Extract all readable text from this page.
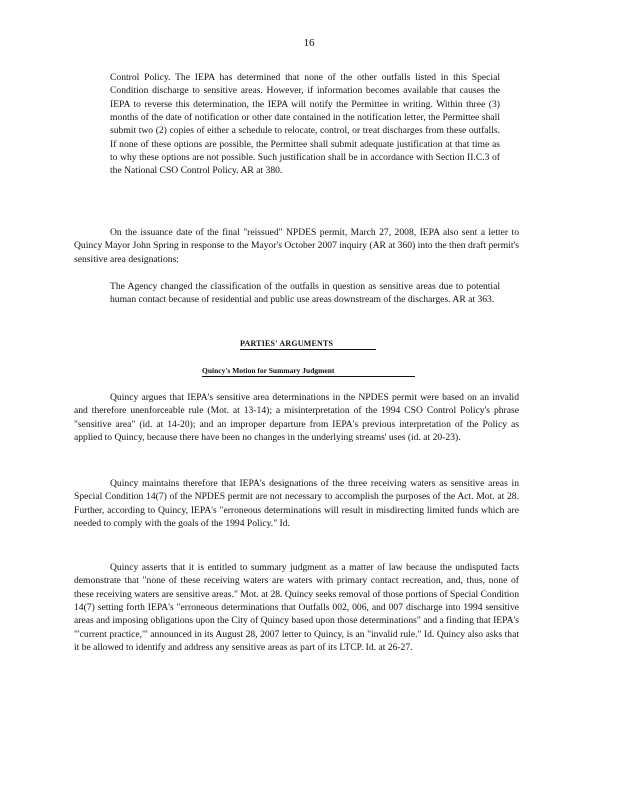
16

Control Policy. The IEPA has determined that none of the other outfalls listed in this Special Condition discharge to sensitive areas. However, if information becomes available that causes the IEPA to reverse this determination, the IEPA will notify the Permittee in writing. Within three (3) months of the date of notification or other date contained in the notification letter, the Permittee shall submit two (2) copies of either a schedule to relocate, control, or treat discharges from these outfalls. If none of these options are possible, the Permittee shall submit adequate justification at that time as to why these options are not possible. Such justification shall be in accordance with Section II.C.3 of the National CSO Control Policy. AR at 380.

On the issuance date of the final "reissued" NPDES permit, March 27, 2008, IEPA also sent a letter to Quincy Mayor John Spring in response to the Mayor's October 2007 inquiry (AR at 360) into the then draft permit's sensitive area designations:

The Agency changed the classification of the outfalls in question as sensitive areas due to potential human contact because of residential and public use areas downstream of the discharges. AR at 363.

PARTIES' ARGUMENTS
Quincy's Motion for Summary Judgment

Quincy argues that IEPA's sensitive area determinations in the NPDES permit were based on an invalid and therefore unenforceable rule (Mot. at 13-14); a misinterpretation of the 1994 CSO Control Policy's phrase "sensitive area" (id. at 14-20); and an improper departure from IEPA's previous interpretation of the Policy as applied to Quincy, because there have been no changes in the underlying streams' uses (id. at 20-23).

Quincy maintains therefore that IEPA's designations of the three receiving waters as sensitive areas in Special Condition 14(7) of the NPDES permit are not necessary to accomplish the purposes of the Act. Mot. at 28. Further, according to Quincy, IEPA's "erroneous determinations will result in misdirecting limited funds which are needed to comply with the goals of the 1994 Policy." Id.

Quincy asserts that it is entitled to summary judgment as a matter of law because the undisputed facts demonstrate that "none of these receiving waters are waters with primary contact recreation, and, thus, none of these receiving waters are sensitive areas." Mot. at 28. Quincy seeks removal of those portions of Special Condition 14(7) setting forth IEPA's "erroneous determinations that Outfalls 002, 006, and 007 discharge into 1994 sensitive areas and imposing obligations upon the City of Quincy based upon those determinations" and a finding that IEPA's "'current practice,'" announced in its August 28, 2007 letter to Quincy, is an "invalid rule." Id. Quincy also asks that it be allowed to identify and address any sensitive areas as part of its LTCP. Id. at 26-27.
